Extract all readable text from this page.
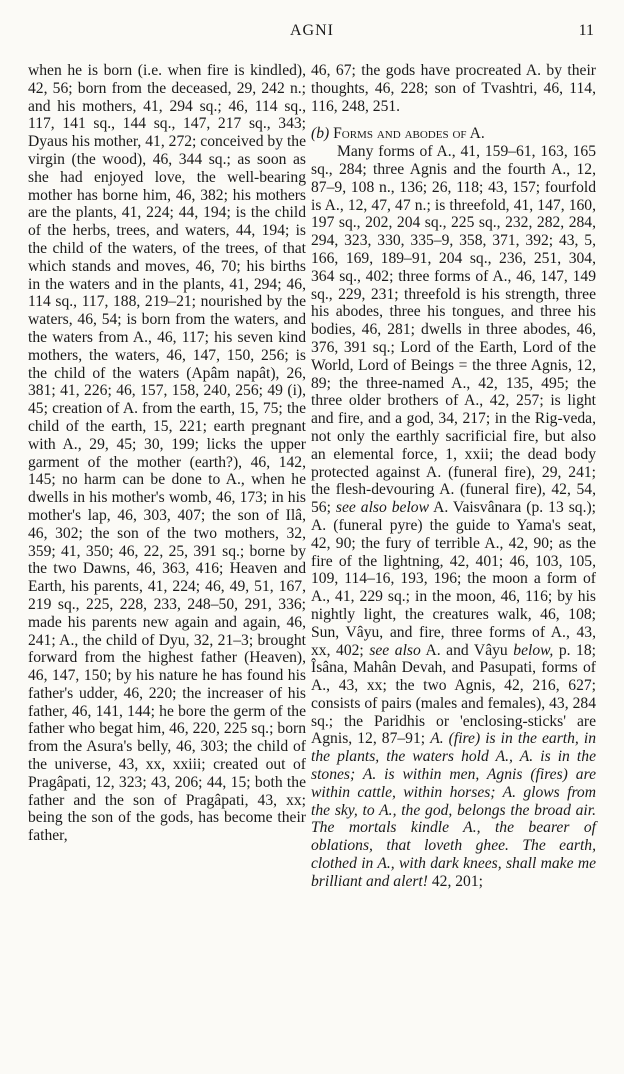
AGNI	11

when he is born (i.e. when fire is kindled), 42, 56; born from the deceased, 29, 242 n.; and his mothers, 41, 294 sq.; 46, 114 sq., 117, 141 sq., 144 sq., 147, 217 sq., 343; Dyaus his mother, 41, 272; conceived by the virgin (the wood), 46, 344 sq.; as soon as she had enjoyed love, the well-bearing mother has borne him, 46, 382; his mothers are the plants, 41, 224; 44, 194; is the child of the herbs, trees, and waters, 44, 194; is the child of the waters, of the trees, of that which stands and moves, 46, 70; his births in the waters and in the plants, 41, 294; 46, 114 sq., 117, 188, 219–21; nourished by the waters, 46, 54; is born from the waters, and the waters from A., 46, 117; his seven kind mothers, the waters, 46, 147, 150, 256; is the child of the waters (Apâm napât), 26, 381; 41, 226; 46, 157, 158, 240, 256; 49 (i), 45; creation of A. from the earth, 15, 75; the child of the earth, 15, 221; earth pregnant with A., 29, 45; 30, 199; licks the upper garment of the mother (earth?), 46, 142, 145; no harm can be done to A., when he dwells in his mother's womb, 46, 173; in his mother's lap, 46, 303, 407; the son of Ilâ, 46, 302; the son of the two mothers, 32, 359; 41, 350; 46, 22, 25, 391 sq.; borne by the two Dawns, 46, 363, 416; Heaven and Earth, his parents, 41, 224; 46, 49, 51, 167, 219 sq., 225, 228, 233, 248–50, 291, 336; made his parents new again and again, 46, 241; A., the child of Dyu, 32, 21–3; brought forward from the highest father (Heaven), 46, 147, 150; by his nature he has found his father's udder, 46, 220; the increaser of his father, 46, 141, 144; he bore the germ of the father who begat him, 46, 220, 225 sq.; born from the Asura's belly, 46, 303; the child of the universe, 43, xx, xxiii; created out of Pragâpati, 12, 323; 43, 206; 44, 15; both the father and the son of Pragâpati, 43, xx; being the son of the gods, has become their father,

46, 67; the gods have procreated A. by their thoughts, 46, 228; son of Tvashtri, 46, 114, 116, 248, 251.

(b) Forms and abodes of A.

Many forms of A., 41, 159–61, 163, 165 sq., 284; three Agnis and the fourth A., 12, 87–9, 108 n., 136; 26, 118; 43, 157; fourfold is A., 12, 47, 47 n.; is threefold, 41, 147, 160, 197 sq., 202, 204 sq., 225 sq., 232, 282, 284, 294, 323, 330, 335–9, 358, 371, 392; 43, 5, 166, 169, 189–91, 204 sq., 236, 251, 304, 364 sq., 402; three forms of A., 46, 147, 149 sq., 229, 231; threefold is his strength, three his abodes, three his tongues, and three his bodies, 46, 281; dwells in three abodes, 46, 376, 391 sq.; Lord of the Earth, Lord of the World, Lord of Beings = the three Agnis, 12, 89; the three-named A., 42, 135, 495; the three older brothers of A., 42, 257; is light and fire, and a god, 34, 217; in the Rig-veda, not only the earthly sacrificial fire, but also an elemental force, 1, xxii; the dead body protected against A. (funeral fire), 29, 241; the flesh-devouring A. (funeral fire), 42, 54, 56; see also below A. Vaisvânara (p. 13 sq.); A. (funeral pyre) the guide to Yama's seat, 42, 90; the fury of terrible A., 42, 90; as the fire of the lightning, 42, 401; 46, 103, 105, 109, 114–16, 193, 196; the moon a form of A., 41, 229 sq.; in the moon, 46, 116; by his nightly light, the creatures walk, 46, 108; Sun, Vâyu, and fire, three forms of A., 43, xx, 402; see also A. and Vâyu below, p. 18; Îsâna, Mahân Devah, and Pasupati, forms of A., 43, xx; the two Agnis, 42, 216, 627; consists of pairs (males and females), 43, 284 sq.; the Paridhis or 'enclosing-sticks' are Agnis, 12, 87–91; A. (fire) is in the earth, in the plants, the waters hold A., A. is in the stones; A. is within men, Agnis (fires) are within cattle, within horses; A. glows from the sky, to A., the god, belongs the broad air. The mortals kindle A., the bearer of oblations, that loveth ghee. The earth, clothed in A., with dark knees, shall make me brilliant and alert! 42, 201;
